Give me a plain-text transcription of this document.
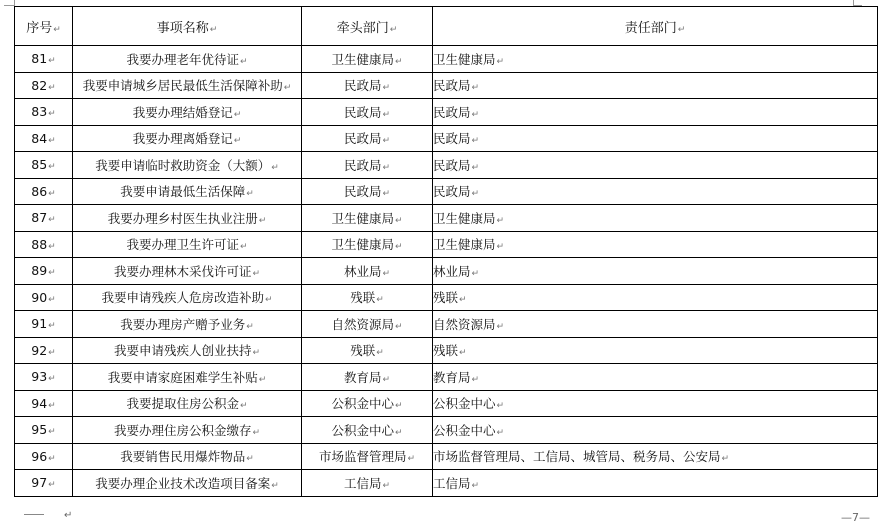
序号↵	事项名称↵	牵头部门↵	责任部门↵
81↵	我要办理老年优待证↵	卫生健康局↵	卫生健康局↵
82↵	我要申请城乡居民最低生活保障补助↵	民政局↵	民政局↵
83↵	我要办理结婚登记↵	民政局↵	民政局↵
84↵	我要办理离婚登记↵	民政局↵	民政局↵
85↵	我要申请临时救助资金（大额）↵	民政局↵	民政局↵
86↵	我要申请最低生活保障↵	民政局↵	民政局↵
87↵	我要办理乡村医生执业注册↵	卫生健康局↵	卫生健康局↵
88↵	我要办理卫生许可证↵	卫生健康局↵	卫生健康局↵
89↵	我要办理林木采伐许可证↵	林业局↵	林业局↵
90↵	我要申请残疾人危房改造补助↵	残联↵	残联↵
91↵	我要办理房产赠予业务↵	自然资源局↵	自然资源局↵
92↵	我要申请残疾人创业扶持↵	残联↵	残联↵
93↵	我要申请家庭困难学生补贴↵	教育局↵	教育局↵
94↵	我要提取住房公积金↵	公积金中心↵	公积金中心↵
95↵	我要办理住房公积金缴存↵	公积金中心↵	公积金中心↵
96↵	我要销售民用爆炸物品↵	市场监督管理局↵	市场监督管理局、工信局、城管局、税务局、公安局↵
97↵	我要办理企业技术改造项目备案↵	工信局↵	工信局↵
↵	—7—
